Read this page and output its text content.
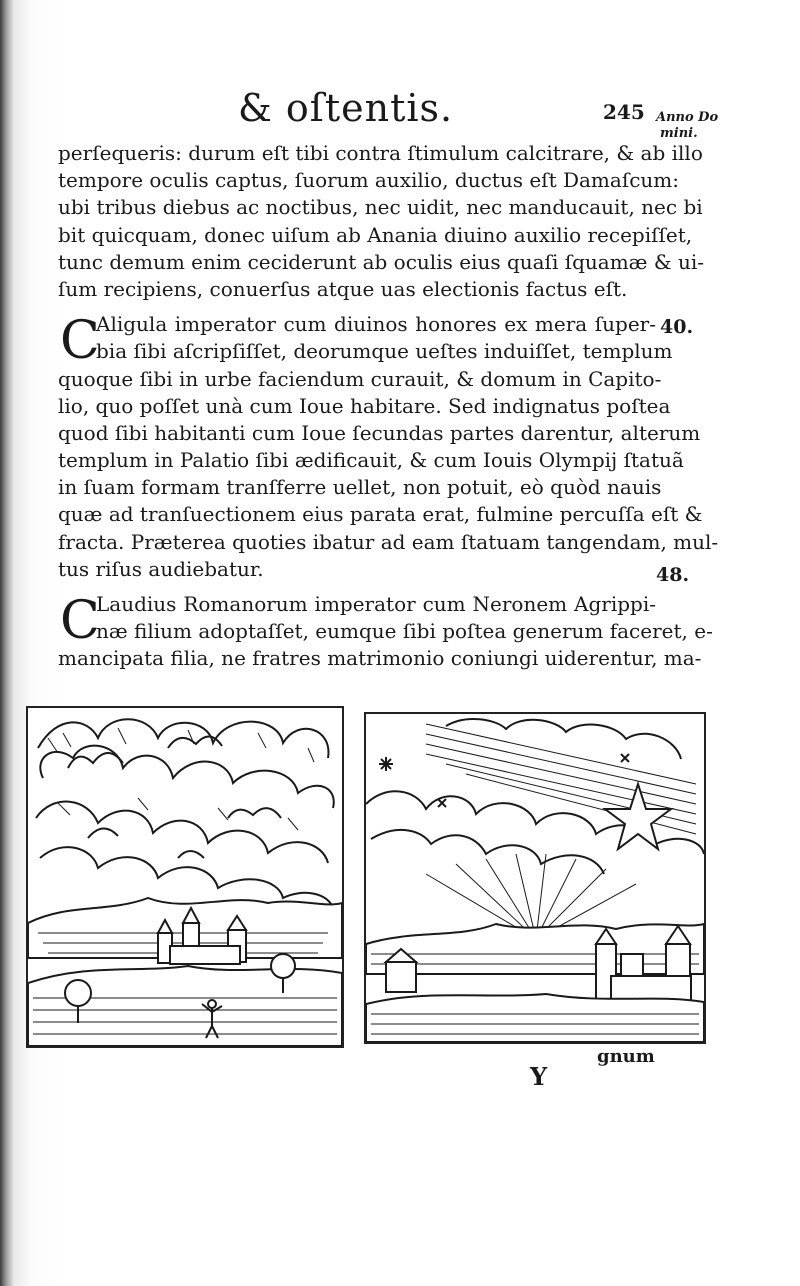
& oſtentis.	245 Anno Do
mini.
40.
48.
perſequeris: durum eſt tibi contra ſtimulum calcitrare, & ab illo
tempore oculis captus, ſuorum auxilio, ductus eſt Damaſcum:
ubi tribus diebus ac noctibus, nec uidit, nec manducauit, nec bi
bit quicquam, donec uiſum ab Anania diuino auxilio recepiſſet,
tunc demum enim ceciderunt ab oculis eius quaſi ſquamæ & ui-
ſum recipiens, conuerſus atque uas electionis factus eſt.
C
Aligula imperator cum diuinos honores ex mera ſuper-
bia ſibi aſcripſiſſet, deorumque ueſtes induiſſet, templum
quoque ſibi in urbe faciendum curauit, & domum in Capito-
lio, quo poſſet unà cum Ioue habitare. Sed indignatus poſtea
quod ſibi habitanti cum Ioue ſecundas partes darentur, alterum
templum in Palatio ſibi ædificauit, & cum Iouis Olympij ſtatuã
in ſuam formam tranſferre uellet, non potuit, eò quòd nauis
quæ ad tranſuectionem eius parata erat, fulmine percuſſa eſt &
fracta. Præterea quoties ibatur ad eam ſtatuam tangendam, mul-
tus riſus audiebatur.
C
Laudius Romanorum imperator cum Neronem Agrippi-
næ filium adoptaſſet, eumque ſibi poſtea generum faceret, e-
mancipata filia, ne fratres matrimonio coniungi uiderentur, ma-
Y
gnum
